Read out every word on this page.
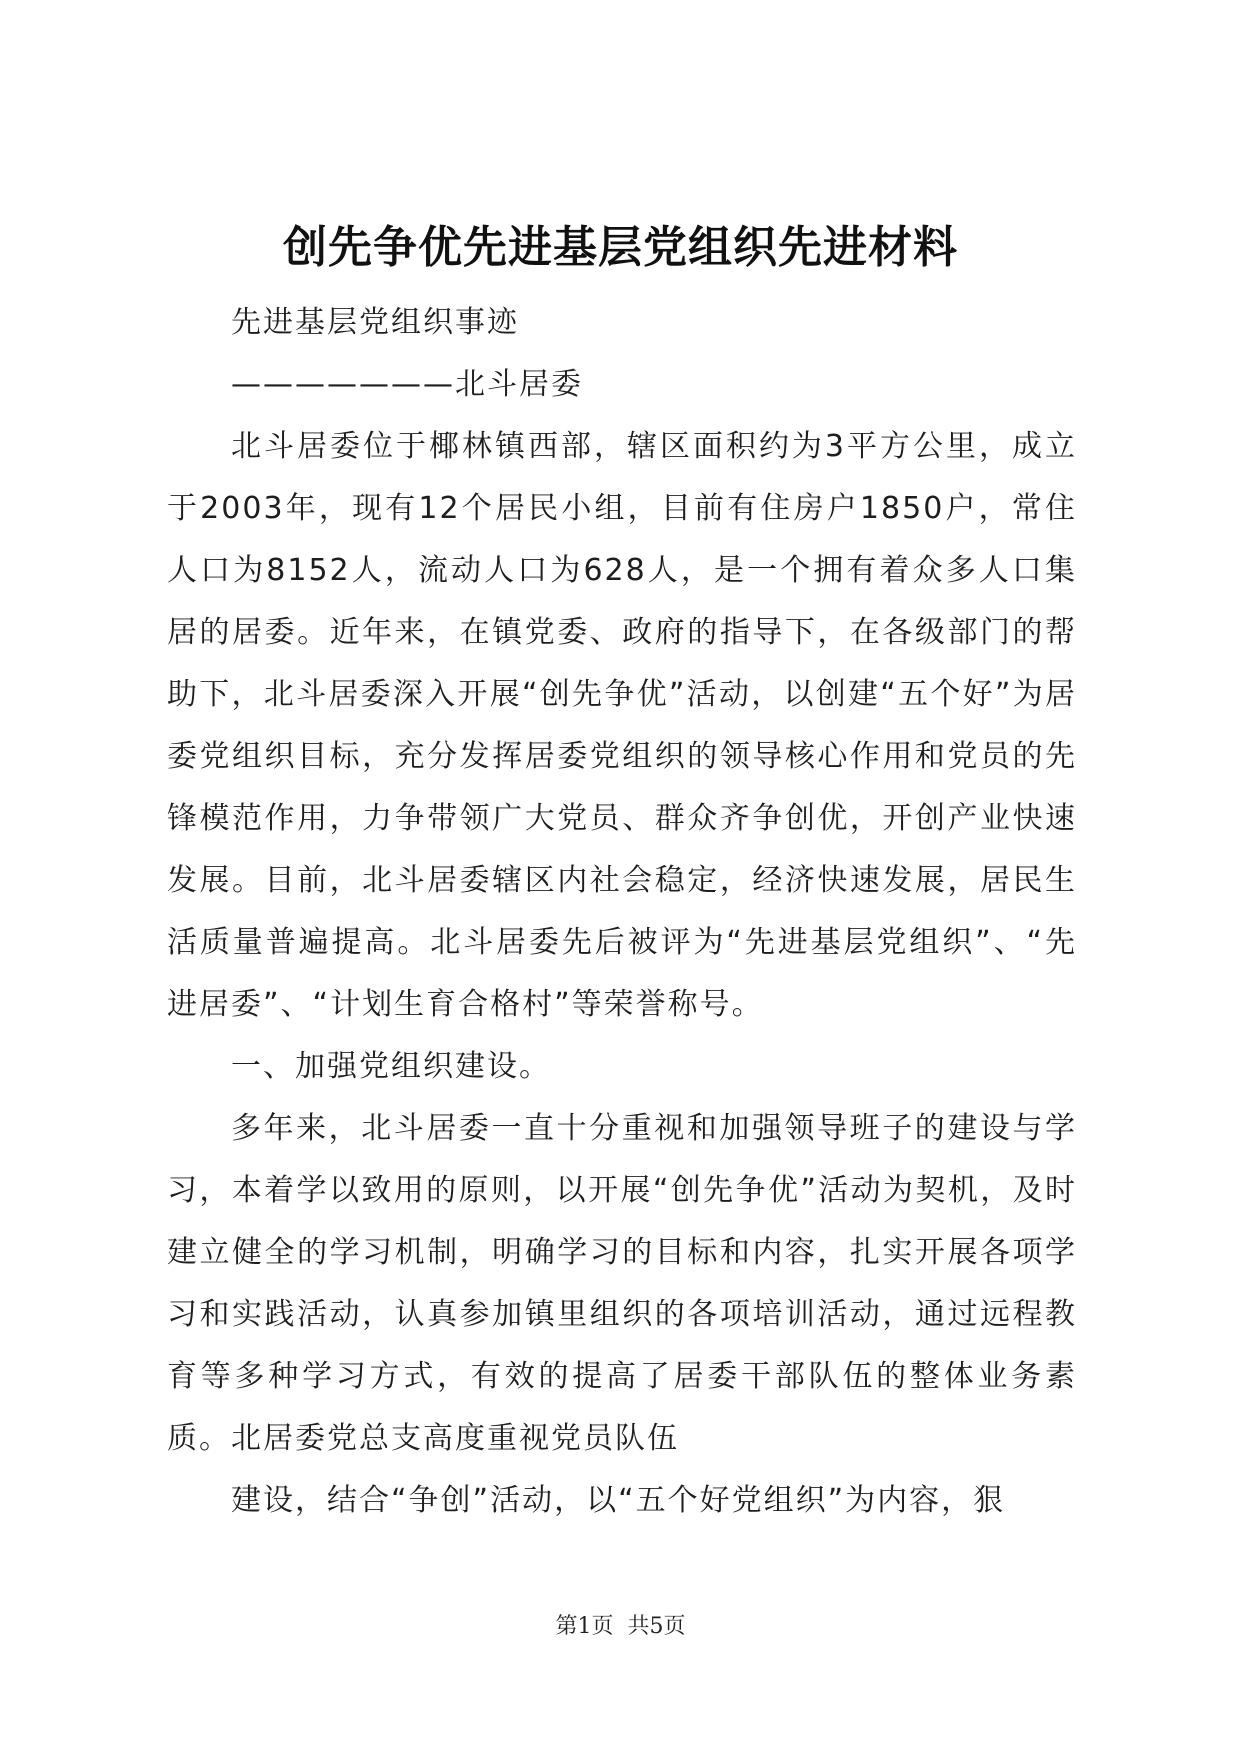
创先争优先进基层党组织先进材料

先进基层党组织事迹

———————北斗居委

北斗居委位于椰林镇西部，辖区面积约为3平方公里，成立于2003年，现有12个居民小组，目前有住房户1850户，常住人口为8152人，流动人口为628人，是一个拥有着众多人口集居的居委。近年来，在镇党委、政府的指导下，在各级部门的帮助下，北斗居委深入开展“创先争优”活动，以创建“五个好”为居委党组织目标，充分发挥居委党组织的领导核心作用和党员的先锋模范作用，力争带领广大党员、群众齐争创优，开创产业快速发展。目前，北斗居委辖区内社会稳定，经济快速发展，居民生活质量普遍提高。北斗居委先后被评为“先进基层党组织”、“先进居委”、“计划生育合格村”等荣誉称号。

一、加强党组织建设。

多年来，北斗居委一直十分重视和加强领导班子的建设与学习，本着学以致用的原则，以开展“创先争优”活动为契机，及时建立健全的学习机制，明确学习的目标和内容，扎实开展各项学习和实践活动，认真参加镇里组织的各项培训活动，通过远程教育等多种学习方式，有效的提高了居委干部队伍的整体业务素质。北居委党总支高度重视党员队伍

建设，结合“争创”活动，以“五个好党组织”为内容，狠

第1页  共5页
